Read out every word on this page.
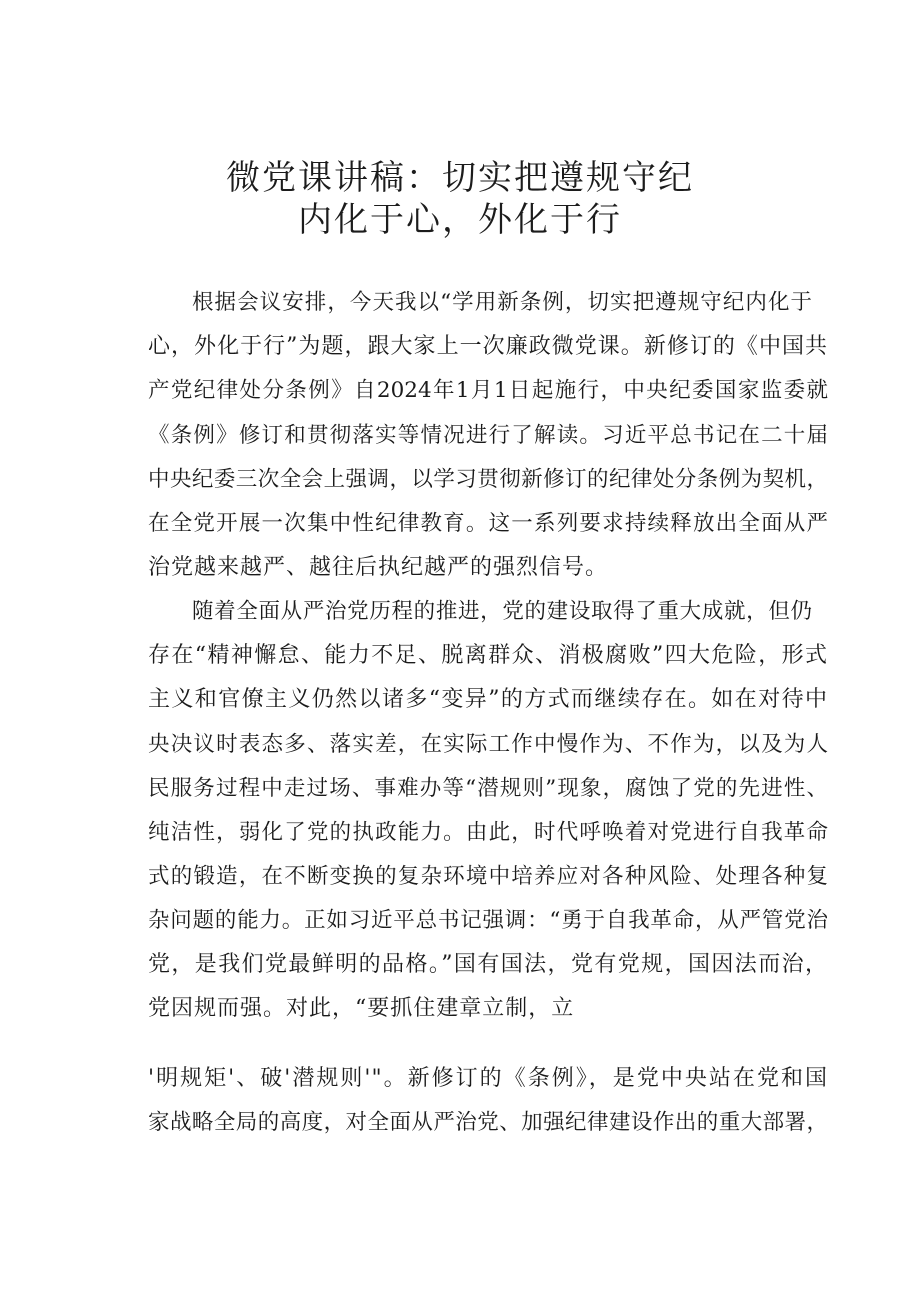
微党课讲稿：切实把遵规守纪
内化于心，外化于行
根据会议安排，今天我以“学用新条例，切实把遵规守纪内化于
心，外化于行”为题，跟大家上一次廉政微党课。新修订的《中国共
产党纪律处分条例》自2024年1月1日起施行，中央纪委国家监委就
《条例》修订和贯彻落实等情况进行了解读。习近平总书记在二十届
中央纪委三次全会上强调，以学习贯彻新修订的纪律处分条例为契机，
在全党开展一次集中性纪律教育。这一系列要求持续释放出全面从严
治党越来越严、越往后执纪越严的强烈信号。
随着全面从严治党历程的推进，党的建设取得了重大成就，但仍
存在“精神懈怠、能力不足、脱离群众、消极腐败”四大危险，形式
主义和官僚主义仍然以诸多“变异”的方式而继续存在。如在对待中
央决议时表态多、落实差，在实际工作中慢作为、不作为，以及为人
民服务过程中走过场、事难办等“潜规则”现象，腐蚀了党的先进性、
纯洁性，弱化了党的执政能力。由此，时代呼唤着对党进行自我革命
式的锻造，在不断变换的复杂环境中培养应对各种风险、处理各种复
杂问题的能力。正如习近平总书记强调：“勇于自我革命，从严管党治
党，是我们党最鲜明的品格。”国有国法，党有党规，国因法而治，
党因规而强。对此，“要抓住建章立制，立
'明规矩'、破'潜规则'"。新修订的《条例》，是党中央站在党和国
家战略全局的高度，对全面从严治党、加强纪律建设作出的重大部署，
